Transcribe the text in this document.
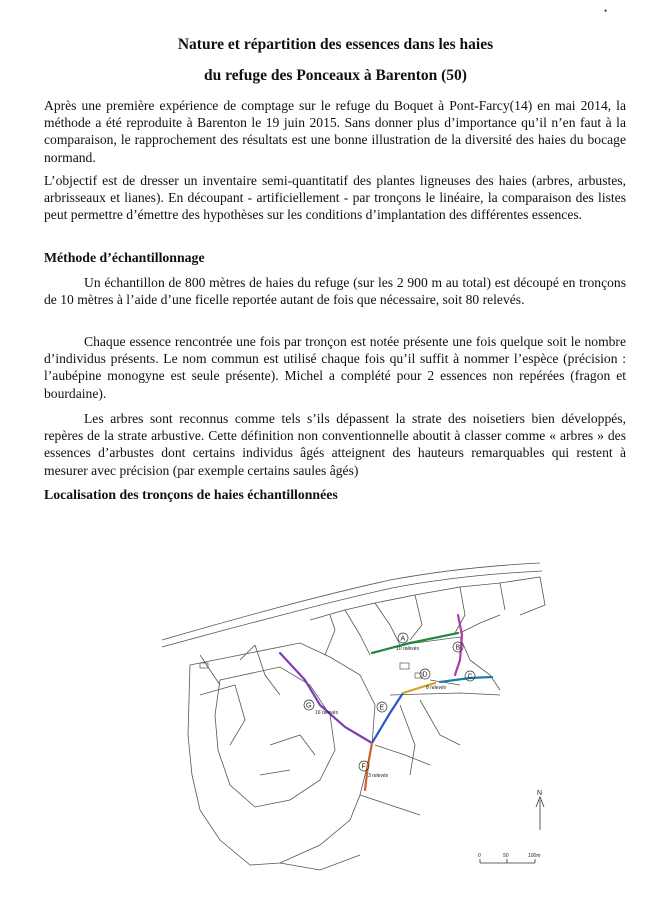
•
Nature et répartition des essences dans les haies
du refuge des Ponceaux à Barenton (50)

Après une première expérience de comptage sur le refuge du Boquet à Pont-Farcy(14) en mai 2014, la méthode a été reproduite à Barenton le 19 juin 2015. Sans donner plus d’importance qu’il n’en faut à la comparaison, le rapprochement des résultats est une bonne illustration de la diversité des haies du bocage normand.

L’objectif est de dresser un inventaire semi-quantitatif des plantes ligneuses des haies (arbres, arbustes, arbrisseaux et lianes). En découpant - artificiellement - par tronçons le linéaire, la comparaison des listes peut permettre d’émettre des hypothèses sur les conditions d’implantation des différentes essences.

Méthode d’échantillonnage

Un échantillon de 800 mètres de haies du refuge (sur les 2 900 m au total) est découpé en tronçons de 10 mètres à l’aide d’une ficelle reportée autant de fois que nécessaire, soit 80 relevés.

Chaque essence rencontrée une fois par tronçon est notée présente une fois quelque soit le nombre d’individus présents. Le nom commun est utilisé chaque fois qu’il suffit à nommer l’espèce (précision : l’aubépine monogyne est seule présente). Michel a complété pour 2 essences non repérées (fragon et bourdaine).

Les arbres sont reconnus comme tels s’ils dépassent la strate des noisetiers bien développés, repères de la strate arbustive. Cette définition non conventionnelle aboutit à classer comme « arbres » des essences d’arbustes dont certains individus âgés atteignent des hauteurs remarquables qui restent à mesurer avec précision (par exemple certains saules âgés)

Localisation des tronçons de haies échantillonnées

A
10 relevés	B
C
D
8 relevés
E
F
3 relevés
G
16 relevés
N
0	50	100m
